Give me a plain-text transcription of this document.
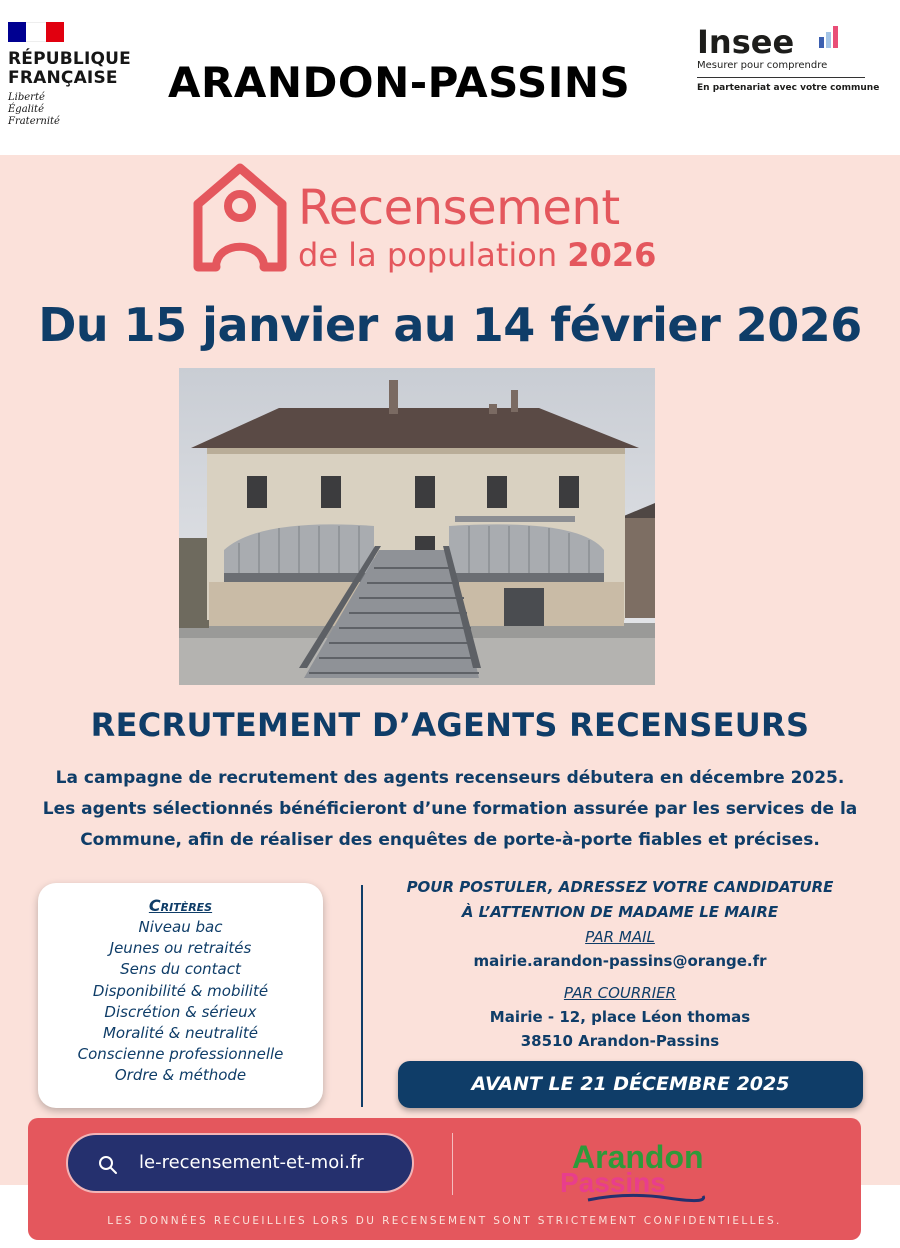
RÉPUBLIQUE
FRANÇAISE
Liberté
Égalité
Fraternité
ARANDON-PASSINS
Insee
Mesurer pour comprendre
En partenariat avec votre commune
Recensement
de la population 2026
Du 15 janvier au 14 février 2026
RECRUTEMENT D’AGENTS RECENSEURS
La campagne de recrutement des agents recenseurs débutera en décembre 2025.
Les agents sélectionnés bénéficieront d’une formation assurée par les services de la
Commune, afin de réaliser des enquêtes de porte-à-porte fiables et précises.
Critères
Niveau bac
Jeunes ou retraités
Sens du contact
Disponibilité & mobilité
Discrétion & sérieux
Moralité & neutralité
Conscienne professionnelle
Ordre & méthode
POUR POSTULER, ADRESSEZ VOTRE CANDIDATURE
À L’ATTENTION DE MADAME LE MAIRE
PAR MAIL
mairie.arandon-passins@orange.fr
PAR COURRIER
Mairie - 12, place Léon thomas
38510 Arandon-Passins
AVANT LE 21 DÉCEMBRE 2025
le-recensement-et-moi.fr	Arandon
Passins
LES DONNÉES RECUEILLIES LORS DU RECENSEMENT SONT STRICTEMENT CONFIDENTIELLES.
